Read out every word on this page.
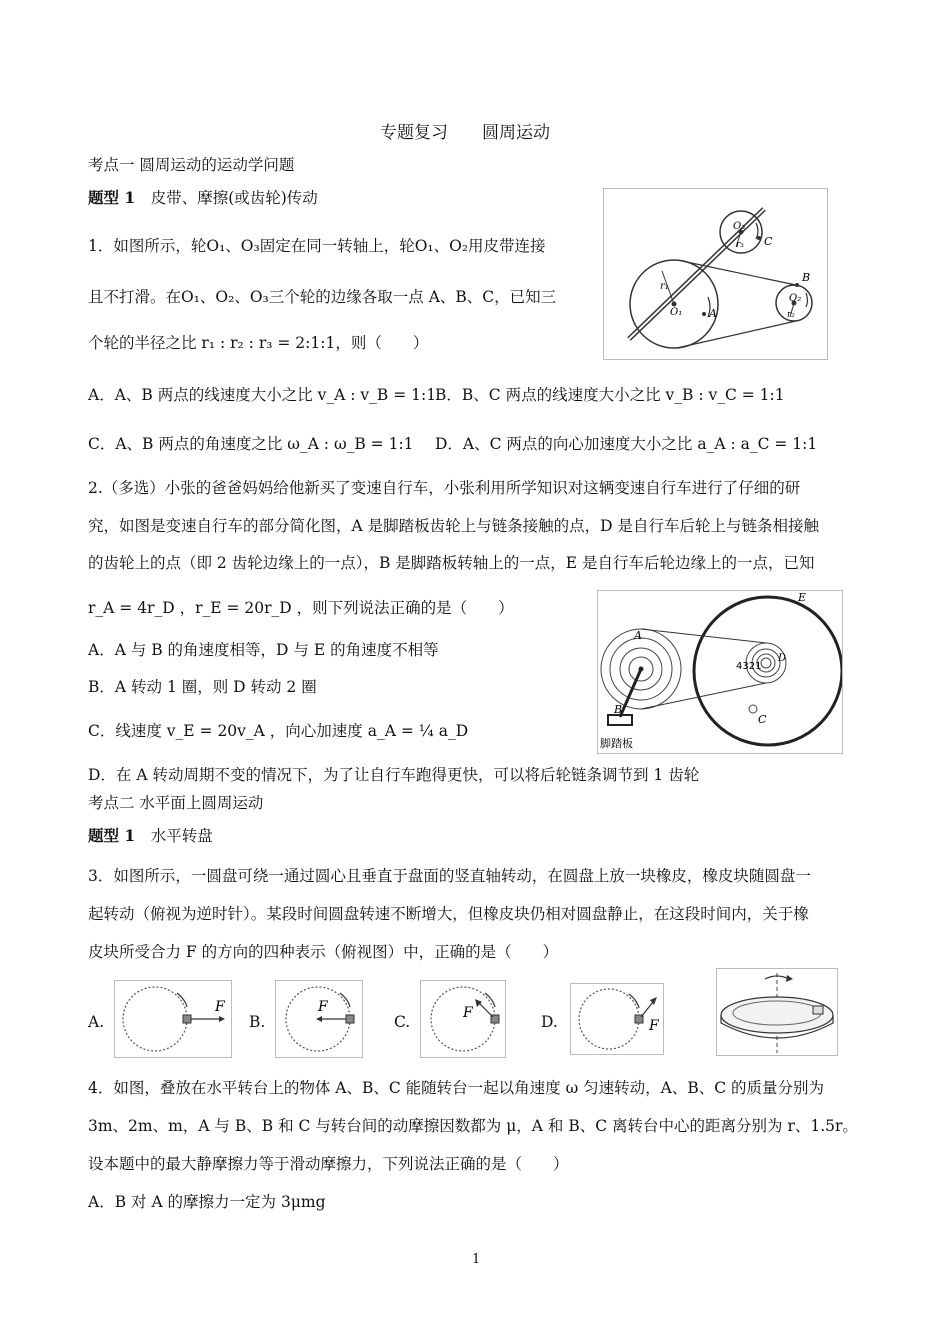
专题复习　　圆周运动
考点一 圆周运动的运动学问题
题型 1　皮带、摩擦(或齿轮)传动
1．如图所示，轮O₁、O₃固定在同一转轴上，轮O₁、O₂用皮带连接
且不打滑。在O₁、O₂、O₃三个轮的边缘各取一点 A、B、C，已知三
个轮的半径之比 r₁ : r₂ : r₃ = 2:1:1，则（　　）
A．A、B 两点的线速度大小之比 v_A : v_B = 1:1
B．B、C 两点的线速度大小之比 v_B : v_C = 1:1
C．A、B 两点的角速度之比 ω_A : ω_B = 1:1 D．A、C 两点的向心加速度大小之比 a_A : a_C = 1:1
O₃
r₃ C
B
O₂
r₂
r₁
O₁ A
2.（多选）小张的爸爸妈妈给他新买了变速自行车，小张利用所学知识对这辆变速自行车进行了仔细的研
究，如图是变速自行车的部分简化图，A 是脚踏板齿轮上与链条接触的点，D 是自行车后轮上与链条相接触
的齿轮上的点（即 2 齿轮边缘上的一点），B 是脚踏板转轴上的一点，E 是自行车后轮边缘上的一点，已知
r_A = 4r_D ，r_E = 20r_D ，则下列说法正确的是（　　）
A．A 与 B 的角速度相等，D 与 E 的角速度不相等
B．A 转动 1 圈，则 D 转动 2 圈
C．线速度 v_E = 20v_A ，向心加速度 a_A = ¼ a_D
D．在 A 转动周期不变的情况下，为了让自行车跑得更快，可以将后轮链条调节到 1 齿轮
E
A
D
4321
B
C
脚踏板
考点二 水平面上圆周运动
题型 1　水平转盘
3．如图所示，一圆盘可绕一通过圆心且垂直于盘面的竖直轴转动，在圆盘上放一块橡皮，橡皮块随圆盘一
起转动（俯视为逆时针）。某段时间圆盘转速不断增大，但橡皮块仍相对圆盘静止，在这段时间内，关于橡
皮块所受合力 F 的方向的四种表示（俯视图）中，正确的是（　　）
A.
F
B.
F
C.	F	D.	F
4．如图，叠放在水平转台上的物体 A、B、C 能随转台一起以角速度 ω 匀速转动，A、B、C 的质量分别为
3m、2m、m，A 与 B、B 和 C 与转台间的动摩擦因数都为 μ，A 和 B、C 离转台中心的距离分别为 r、1.5r。
设本题中的最大静摩擦力等于滑动摩擦力，下列说法正确的是（　　）
A．B 对 A 的摩擦力一定为 3μmg
1
